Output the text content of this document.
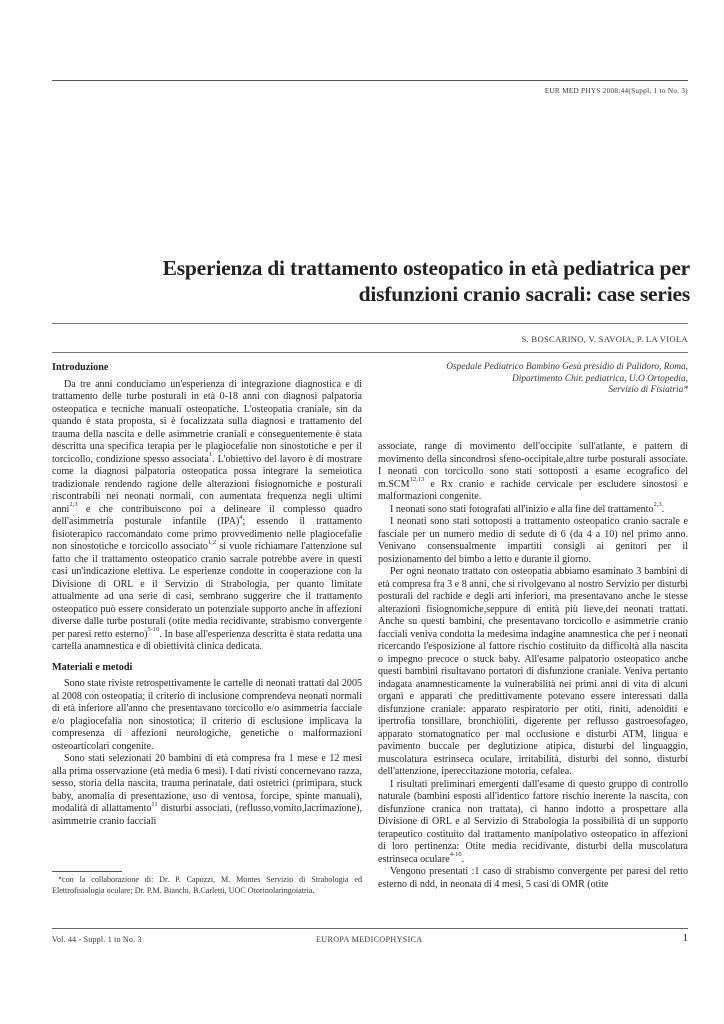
EUR MED PHYS 2008;44(Suppl. 1 to No. 3)
Esperienza di trattamento osteopatico in età pediatrica per
disfunzioni cranio sacrali: case series
S. BOSCARINO, V. SAVOIA, P. LA VIOLA
Ospedale Pediatrico Bambino Gesù presidio di Palidoro, Roma,
Dipartimento Chir. pediatrica, U.O Ortopedia,
Servizio di Fisiatria*
Introduzione

Da tre anni conduciamo un'esperienza di integrazione diagnostica e di trattamento delle turbe posturali in età 0-18 anni con diagnosi palpatoria osteopatica e tecniche manuali osteopatiche. L'osteopatia craniale, sin da quando è stata proposta, si è focalizzata sulla diagnosi e trattamento del trauma della nascita e delle asimmetrie craniali e conseguentemente è stata descritta una specifica terapia per le plagiocefalie non sinostotiche e per il torcicollo, condizione spesso associata$^1$. L'obiettivo del lavoro è di mostrare come la diagnosi palpatoria osteopatica possa integrare la semeiotica tradizionale rendendo ragione delle alterazioni fisiognomiche e posturali riscontrabili nei neonati normali, con aumentata frequenza negli ultimi anni$^{2,3}$ e che contribuiscono poi a delineare il complesso quadro dell'asimmetria posturale infantile (IPA)$^4$; essendo il trattamento fisioterapico raccomandato come primo provvedimento nelle plagiocefalie non sinostotiche e torcicollo associato$^{1,2}$ si vuole richiamare l'attenzione sul fatto che il trattamento osteopatico cranio sacrale potrebbe avere in questi casi un'indicazione elettiva. Le esperienze condotte in cooperazione con la Divisione di ORL e il Servizio di Strabologia, per quanto limitate attualmente ad una serie di casi, sembrano suggerire che il trattamento osteopatico può essere considerato un potenziale supporto anche in affezioni diverse dalle turbe posturali (otite media recidivante, strabismo convergente per paresi retto esterno)$^{5-10}$. In base all'esperienza descritta è stata redatta una cartella anamnestica e di obiettività clinica dedicata.

Materiali e metodi

Sono state riviste retrospettivamente le cartelle di neonati trattati dal 2005 al 2008 con osteopatia; il criterio di inclusione comprendeva neonati normali di età inferiore all'anno che presentavano torcicollo e/o asimmetria facciale e/o plagiocefalia non sinostotica; il criterio di esclusione implicava la compresenza di affezioni neurologiche, genetiche o malformazioni osteoarticolari congenite.

Sono stati selezionati 20 bambini di età compresa fra 1 mese e 12 mesi alla prima osservazione (età media 6 mesi). I dati rivisti concernevano razza, sesso, storia della nascita, trauma perinatale, dati ostetrici (primipara, stuck baby, anomalia di presentazione, uso di ventosa, forcipe, spinte manuali), modalità di allattamento$^{11}$ disturbi associati, (reflusso,vomito,lacrimazione), asimmetrie cranio facciali

associate, range di movimento dell'occipite sull'atlante, e pattern di movimento della sincondrosi sfeno-occipitale,altre turbe posturali associate. I neonati con torcicollo sono stati sottoposti a esame ecografico del m.SCM$^{12,13}$ e Rx cranio e rachide cervicale per escludere sinostosi e malformazioni congenite.

I neonati sono stati fotografati all'inizio e alla fine del trattamento$^{2,3}$.

I neonati sono stati sottoposti a trattamento osteopatico cranio sacrale e fasciale per un numero medio di sedute di 6 (da 4 a 10) nel primo anno. Venivano consensualmente impartiti consigli ai genitori per il posizionamento del bimbo a letto e durante il giorno.

Per ogni neonato trattato con osteopatia abbiamo esaminato 3 bambini di età compresa fra 3 e 8 anni, che si rivolgevano al nostro Servizio per disturbi posturali del rachide e degli arti inferiori, ma presentavano anche le stesse alterazioni fisiognomiche,seppure di entità più lieve,dei neonati trattati. Anche su questi bambini, che presentavano torcicollo e asimmetrie cranio facciali veniva condotta la medesima indagine anamnestica che per i neonati ricercando l'esposizione al fattore rischio costituito da difficoltà alla nascita o impegno precoce o stuck baby. All'esame palpatorio osteopatico anche questi bambini risultavano portatori di disfunzione craniale. Veniva pertanto indagata anamnesticamente la vulnerabilità nei primi anni di vita di alcuni organi e apparati che predittivamente potevano essere interessati dalla disfunzione craniale: apparato respiratorio per otiti, riniti, adenoiditi e ipertrofia tonsillare, bronchioliti, digerente per reflusso gastroesofageo, apparato stomatognatico per mal occlusione e disturbi ATM, lingua e pavimento buccale per deglutizione atipica, disturbi del linguaggio, muscolatura estrinseca oculare, irritabilità, disturbi del sonno, disturbi dell'attenzione, ipereccitazione motoria, cefalea.

I risultati preliminari emergenti dall'esame di questo gruppo di controllo naturale (bambini esposti all'identico fattore rischio inerente la nascita, con disfunzione cranica non trattata), ci hanno indotto a prospettare alla Divisione di ORL e al Servizio di Strabologia la possibilità di un supporto terapeutico costituito dal trattamento manipolativo osteopatico in affezioni di loro pertinenza: Otite media recidivante, disturbi della muscolatura estrinseca oculare$^{4-10}$.

Vengono presentati :1 caso di strabismo convergente per paresi del retto esterno di ndd, in neonata di 4 mesi, 5 casi di OMR (otite

*con la collaborazione di: Dr. P. Capozzi, M. Montes Servizio di Strabologia ed Elettrofisiologia oculare; Dr. P.M. Bianchi, B.Carletti, UOC Otorinolaringoiatria.

Vol. 44 - Suppl. 1 to No. 3	EUROPA MEDICOPHYSICA	1
